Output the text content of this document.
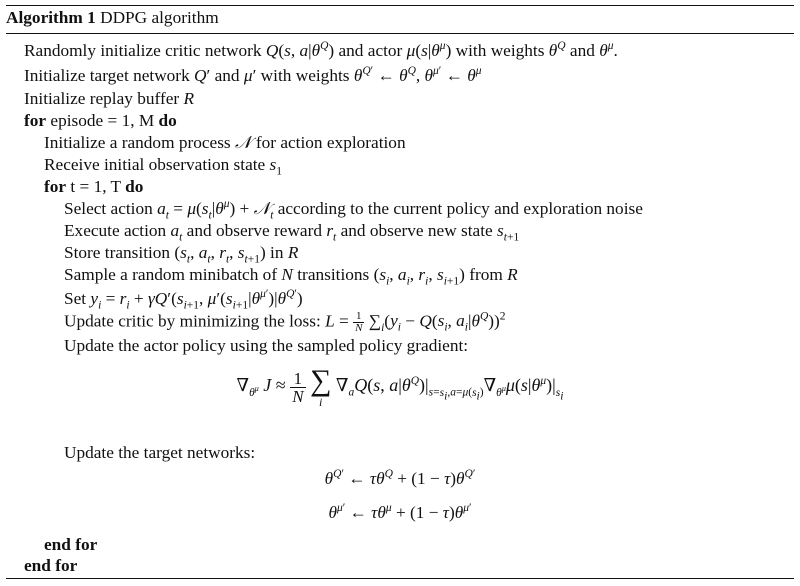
Algorithm 1 DDPG algorithm
Randomly initialize critic network Q(s, $a|\theta^Q$) and actor $\mu(s|\theta^\mu)$ with weights $\theta^Q$ and $\theta^\mu$.
Initialize target network Q′ and μ′ with weights $\theta^{Q'}$ ← $\theta^Q$, $\theta^{\mu'}$ ← $\theta^\mu$
Initialize replay buffer R
for episode = 1, M do
Initialize a random process 𝒩 for action exploration
Receive initial observation state $s_1$
for t = 1, T do
Select action $a_t = \mu(s_t|\theta^\mu)$ + 𝒩$_t$ according to the current policy and exploration noise
Execute action $a_t$ and observe reward $r_t$ and observe new state $s_{t+1}$
Store transition ($s_t$, $a_t$, $r_t$, $s_{t+1}$) in R
Sample a random minibatch of N transitions ($s_i$, $a_i$, $r_i$, $s_{i+1}$) from R
Set $y_i = r_i + \gamma Q'(s_{i+1}$, $\mu'(s_{i+1}|\theta^{\mu'})|\theta^{Q'}$)
Update critic by minimizing the loss: $L = \frac{1}{N} \sum_i(y_i - Q(s_i$, $a_i|\theta^Q))^2$
Update the actor policy using the sampled policy gradient:
$\nabla_{\theta^\mu}$ $J \approx \frac{1}{N}$
∑
i
$\nabla_aQ(s$, $a|\theta^Q)|_{s=s_i,a=\mu(s_i)}\nabla_{\theta^\mu}\mu(s|\theta^\mu)|_{s_i}$
Update the target networks:
$\theta^{Q'}$ ← $\tau\theta^Q + (1 - \tau)\theta^{Q'}$
$\theta^{\mu'}$ ← $\tau\theta^\mu + (1 - \tau)\theta^{\mu'}$
end for
end for
